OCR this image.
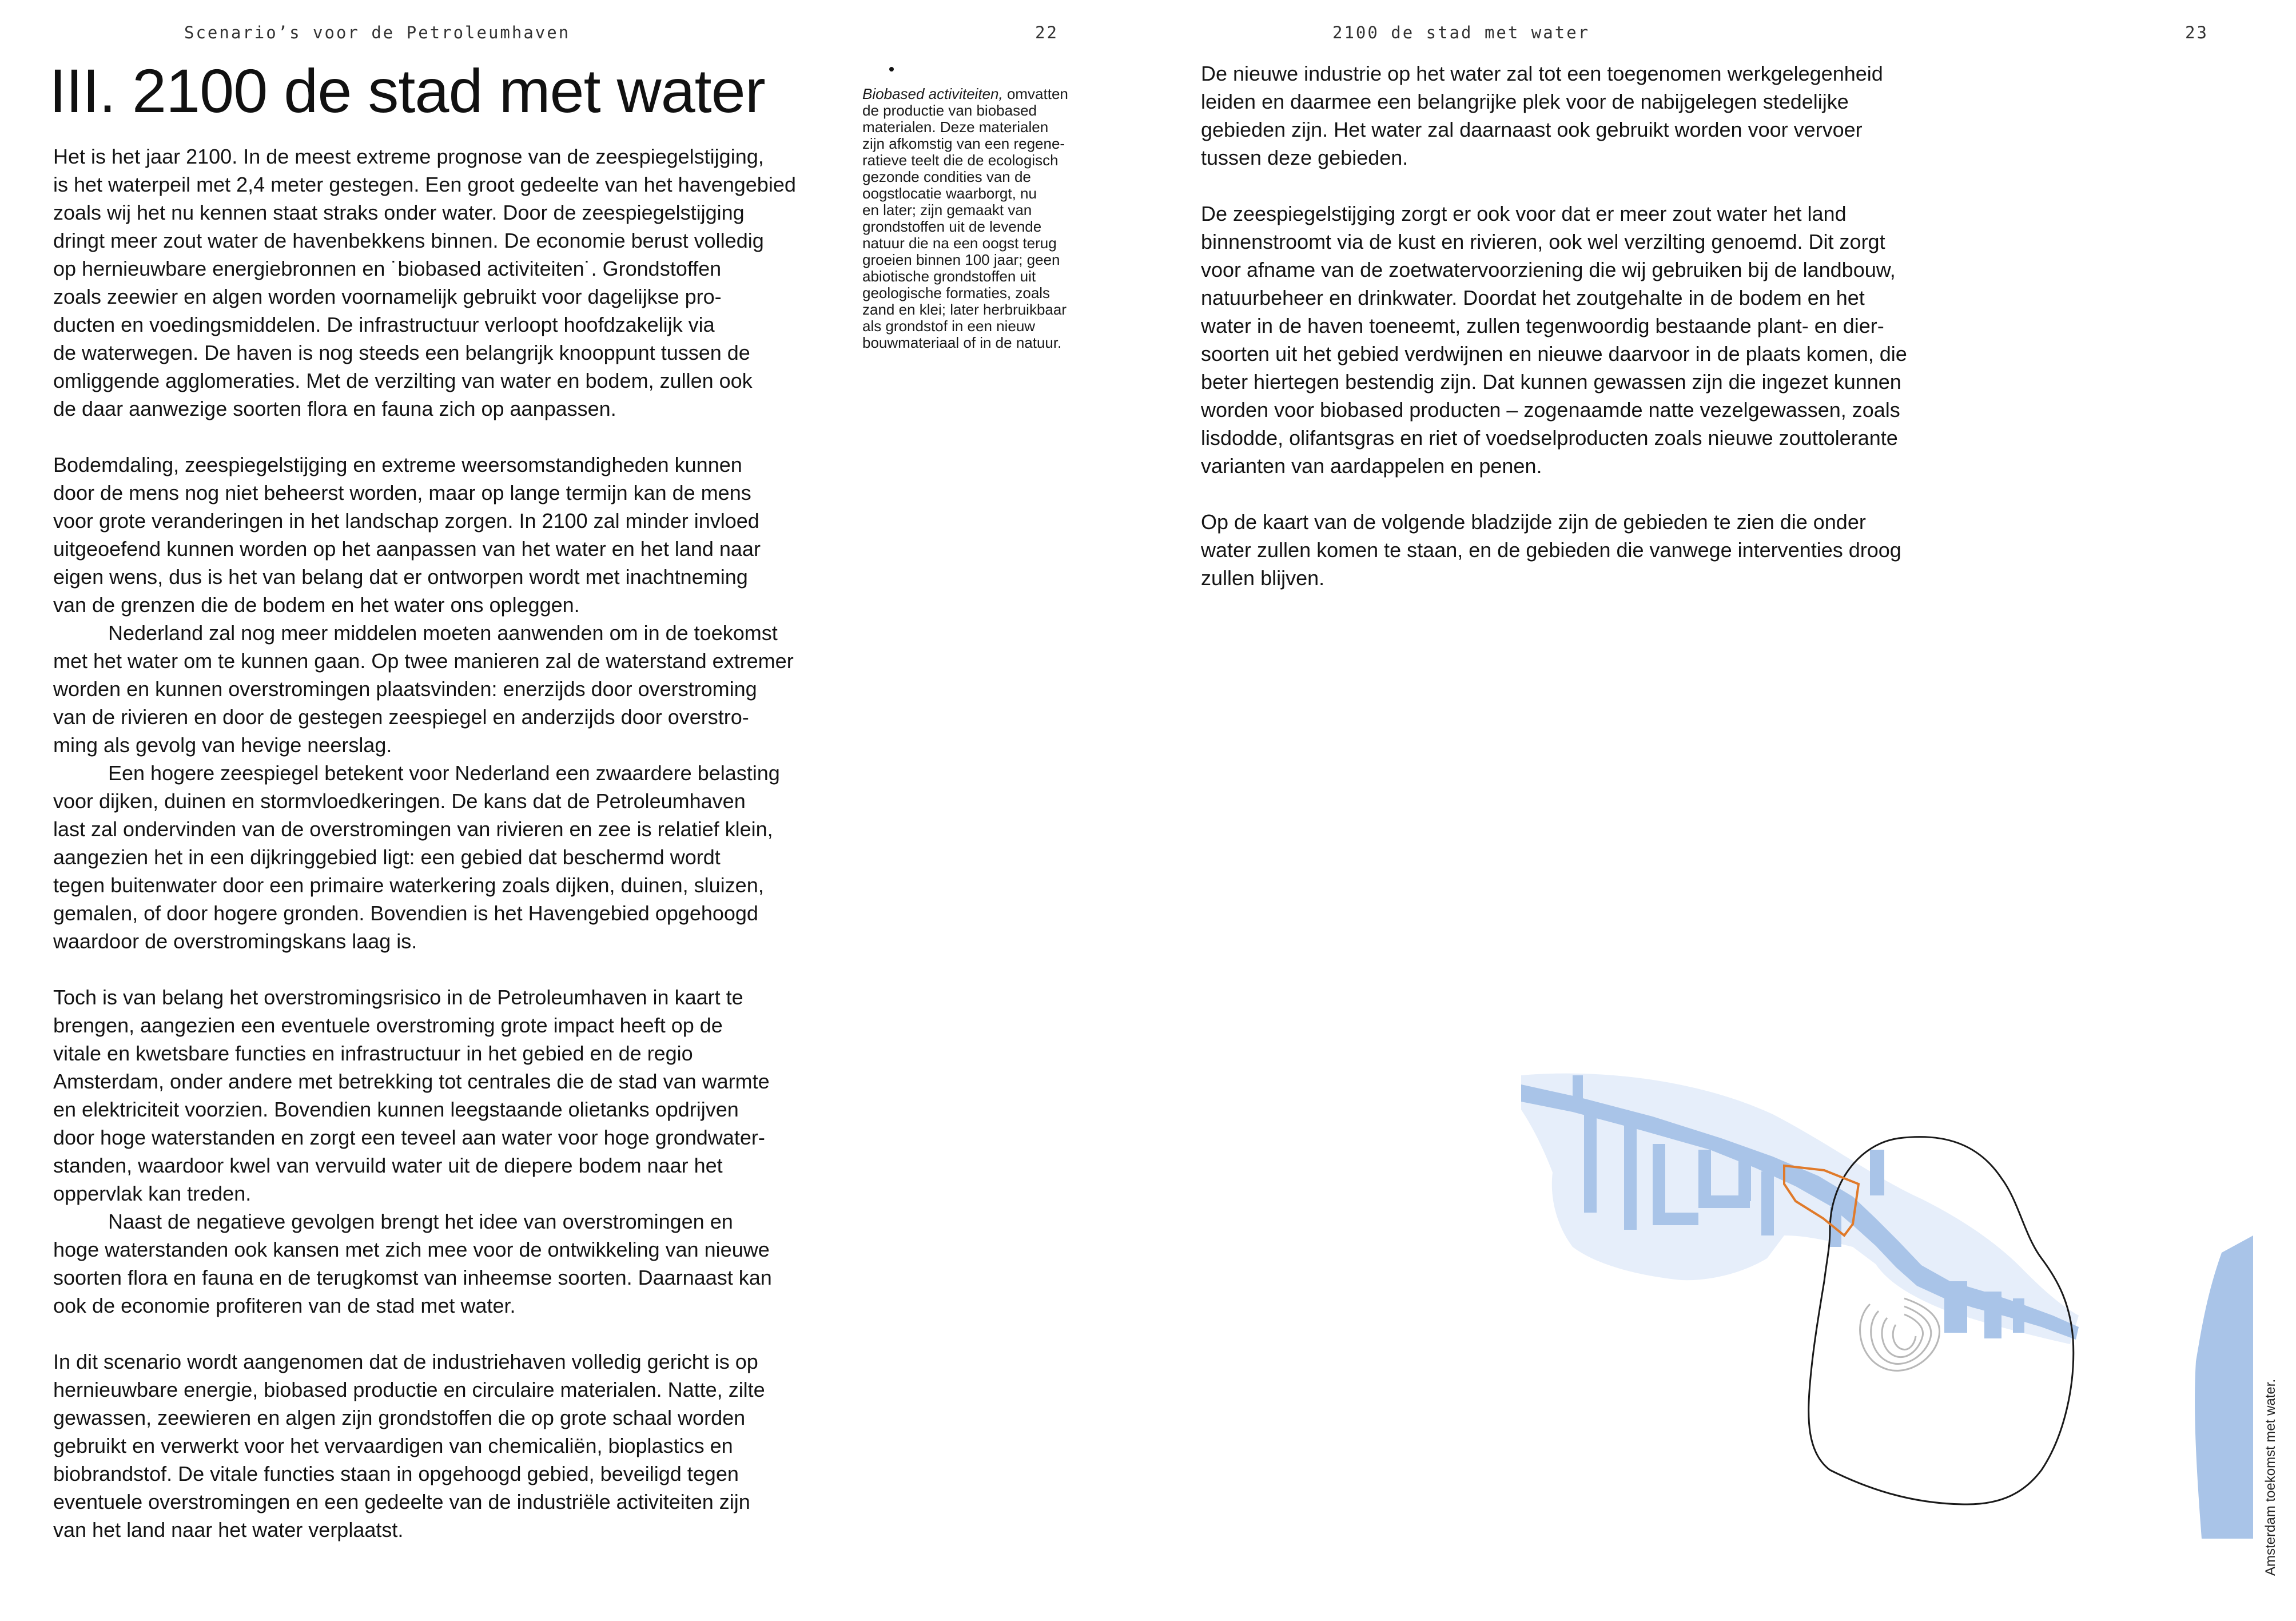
Scenario’s voor de Petroleumhaven	22	2100 de stad met water	23
III. 2100 de stad met water	Biobased activiteiten, omvatten
de productie van biobased
materialen. Deze materialen
zijn afkomstig van een regene-
ratieve teelt die de ecologisch
gezonde condities van de
oogstlocatie waarborgt, nu
en later; zijn gemaakt van
grondstoffen uit de levende
natuur die na een oogst terug
groeien binnen 100 jaar; geen
abiotische grondstoffen uit
geologische formaties, zoals
zand en klei; later herbruikbaar
als grondstof in een nieuw
bouwmateriaal of in de natuur.

Het is het jaar 2100. In de meest extreme prognose van de zeespiegelstijging,
is het waterpeil met 2,4 meter gestegen. Een groot gedeelte van het havengebied
zoals wij het nu kennen staat straks onder water. Door de zeespiegelstijging
dringt meer zout water de havenbekkens binnen. De economie berust volledig
op hernieuwbare energiebronnen en ˙biobased activiteiten˙. Grondstoffen
zoals zeewier en algen worden voornamelijk gebruikt voor dagelijkse pro-
ducten en voedingsmiddelen. De infrastructuur verloopt hoofdzakelijk via
de waterwegen. De haven is nog steeds een belangrijk knooppunt tussen de
omliggende agglomeraties. Met de verzilting van water en bodem, zullen ook
de daar aanwezige soorten flora en fauna zich op aanpassen.

Bodemdaling, zeespiegelstijging en extreme weersomstandigheden kunnen
door de mens nog niet beheerst worden, maar op lange termijn kan de mens
voor grote veranderingen in het landschap zorgen. In 2100 zal minder invloed
uitgeoefend kunnen worden op het aanpassen van het water en het land naar
eigen wens, dus is het van belang dat er ontworpen wordt met inachtneming
van de grenzen die de bodem en het water ons opleggen.

Nederland zal nog meer middelen moeten aanwenden om in de toekomst
met het water om te kunnen gaan. Op twee manieren zal de waterstand extremer
worden en kunnen overstromingen plaatsvinden: enerzijds door overstroming
van de rivieren en door de gestegen zeespiegel en anderzijds door overstro-
ming als gevolg van hevige neerslag.

Een hogere zeespiegel betekent voor Nederland een zwaardere belasting
voor dijken, duinen en stormvloedkeringen. De kans dat de Petroleumhaven
last zal ondervinden van de overstromingen van rivieren en zee is relatief klein,
aangezien het in een dijkringgebied ligt: een gebied dat beschermd wordt
tegen buitenwater door een primaire waterkering zoals dijken, duinen, sluizen,
gemalen, of door hogere gronden. Bovendien is het Havengebied opgehoogd
waardoor de overstromingskans laag is.

Toch is van belang het overstromingsrisico in de Petroleumhaven in kaart te
brengen, aangezien een eventuele overstroming grote impact heeft op de
vitale en kwetsbare functies en infrastructuur in het gebied en de regio
Amsterdam, onder andere met betrekking tot centrales die de stad van warmte
en elektriciteit voorzien. Bovendien kunnen leegstaande olietanks opdrijven
door hoge waterstanden en zorgt een teveel aan water voor hoge grondwater-
standen, waardoor kwel van vervuild water uit de diepere bodem naar het
oppervlak kan treden.

Naast de negatieve gevolgen brengt het idee van overstromingen en
hoge waterstanden ook kansen met zich mee voor de ontwikkeling van nieuwe
soorten flora en fauna en de terugkomst van inheemse soorten. Daarnaast kan
ook de economie profiteren van de stad met water.

In dit scenario wordt aangenomen dat de industriehaven volledig gericht is op
hernieuwbare energie, biobased productie en circulaire materialen. Natte, zilte
gewassen, zeewieren en algen zijn grondstoffen die op grote schaal worden
gebruikt en verwerkt voor het vervaardigen van chemicaliën, bioplastics en
biobrandstof. De vitale functies staan in opgehoogd gebied, beveiligd tegen
eventuele overstromingen en een gedeelte van de industriële activiteiten zijn
van het land naar het water verplaatst.

De nieuwe industrie op het water zal tot een toegenomen werkgelegenheid
leiden en daarmee een belangrijke plek voor de nabijgelegen stedelijke
gebieden zijn. Het water zal daarnaast ook gebruikt worden voor vervoer
tussen deze gebieden.

De zeespiegelstijging zorgt er ook voor dat er meer zout water het land
binnenstroomt via de kust en rivieren, ook wel verzilting genoemd. Dit zorgt
voor afname van de zoetwatervoorziening die wij gebruiken bij de landbouw,
natuurbeheer en drinkwater. Doordat het zoutgehalte in de bodem en het
water in de haven toeneemt, zullen tegenwoordig bestaande plant- en dier-
soorten uit het gebied verdwijnen en nieuwe daarvoor in de plaats komen, die
beter hiertegen bestendig zijn. Dat kunnen gewassen zijn die ingezet kunnen
worden voor biobased producten – zogenaamde natte vezelgewassen, zoals
lisdodde, olifantsgras en riet of voedselproducten zoals nieuwe zouttolerante
varianten van aardappelen en penen.

Op de kaart van de volgende bladzijde zijn de gebieden te zien die onder
water zullen komen te staan, en de gebieden die vanwege interventies droog
zullen blijven.

Amsterdam toekomst met water.
